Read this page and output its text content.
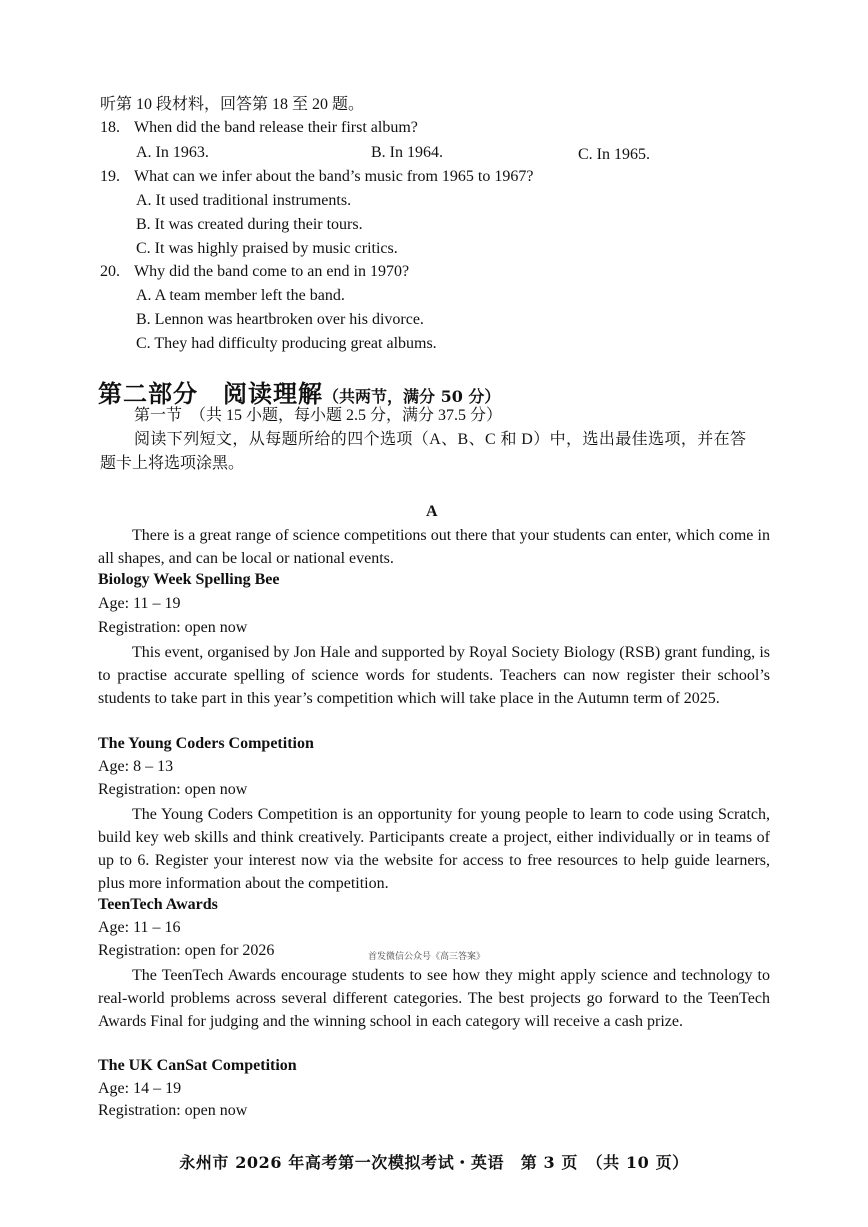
听第 10 段材料，回答第 18 至 20 题。
18. When did the band release their first album?
A. In 1963.	B. In 1964.	C. In 1965.
19. What can we infer about the band’s music from 1965 to 1967?
A. It used traditional instruments.
B. It was created during their tours.
C. It was highly praised by music critics.
20. Why did the band come to an end in 1970?
A. A team member left the band.
B. Lennon was heartbroken over his divorce.
C. They had difficulty producing great albums.
第二部分　阅读理解（共两节，满分 50 分）
第一节　（共 15 小题，每小题 2.5 分，满分 37.5 分）
阅读下列短文，从每题所给的四个选项（A、B、C 和 D）中，选出最佳选项，并在答
题卡上将选项涂黑。
A
There is a great range of science competitions out there that your students can enter, which come in all shapes, and can be local or national events.
Biology Week Spelling Bee
Age: 11 – 19
Registration: open now
This event, organised by Jon Hale and supported by Royal Society Biology (RSB) grant funding, is to practise accurate spelling of science words for students. Teachers can now register their school’s students to take part in this year’s competition which will take place in the Autumn term of 2025.
The Young Coders Competition
Age: 8 – 13
Registration: open now
The Young Coders Competition is an opportunity for young people to learn to code using Scratch, build key web skills and think creatively. Participants create a project, either individually or in teams of up to 6. Register your interest now via the website for access to free resources to help guide learners, plus more information about the competition.
TeenTech Awards
Age: 11 – 16
Registration: open for 2026	首发微信公众号《高三答案》
The TeenTech Awards encourage students to see how they might apply science and technology to real-world problems across several different categories. The best projects go forward to the TeenTech Awards Final for judging and the winning school in each category will receive a cash prize.
The UK CanSat Competition
Age: 14 – 19
Registration: open now
永州市 2026 年高考第一次模拟考试・英语　第 3 页　（共 10 页）
